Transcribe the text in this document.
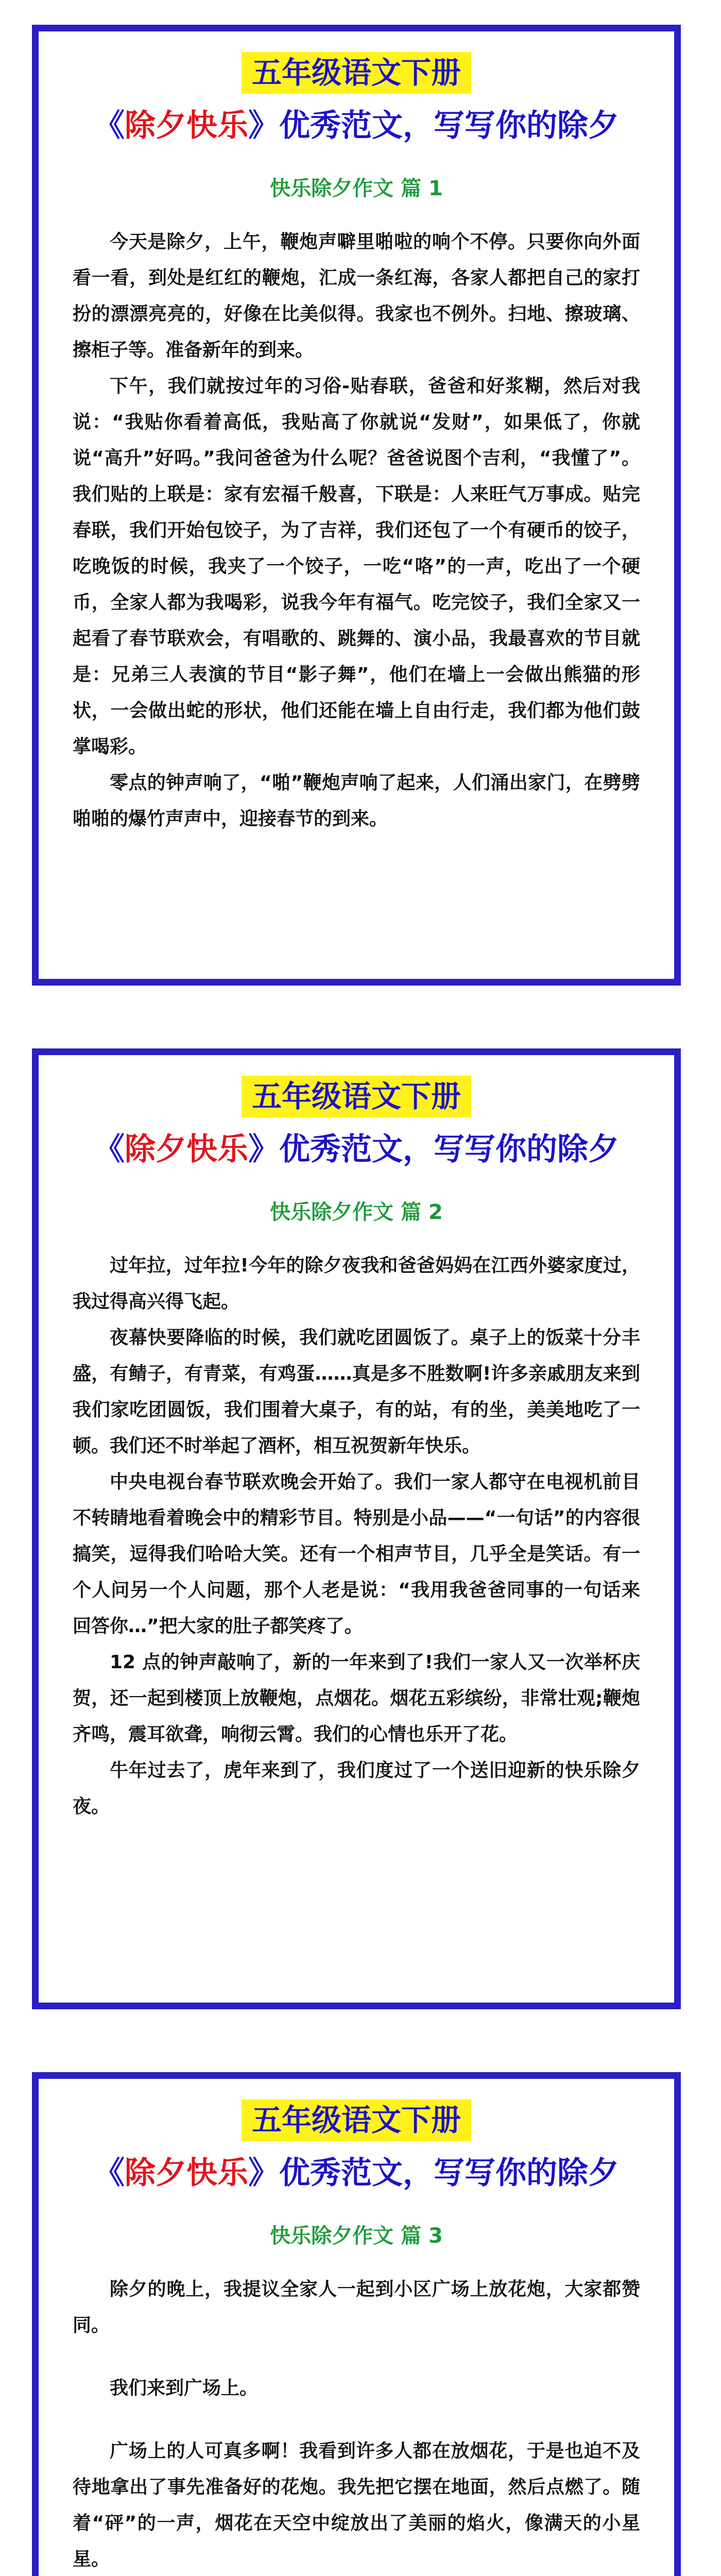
五年级语文下册
《除夕快乐》优秀范文，写写你的除夕
快乐除夕作文 篇 1

今天是除夕，上午，鞭炮声噼里啪啦的响个不停。只要你向外面看一看，到处是红红的鞭炮，汇成一条红海，各家人都把自己的家打扮的漂漂亮亮的，好像在比美似得。我家也不例外。扫地、擦玻璃、擦柜子等。准备新年的到来。

下午，我们就按过年的习俗-贴春联，爸爸和好浆糊，然后对我说：“我贴你看着高低，我贴高了你就说“发财”，如果低了，你就说“高升”好吗。”我问爸爸为什么呢？爸爸说图个吉利，“我懂了”。我们贴的上联是：家有宏福千般喜，下联是：人来旺气万事成。贴完春联，我们开始包饺子，为了吉祥，我们还包了一个有硬币的饺子，吃晚饭的时候，我夹了一个饺子，一吃“咯”的一声，吃出了一个硬币，全家人都为我喝彩，说我今年有福气。吃完饺子，我们全家又一起看了春节联欢会，有唱歌的、跳舞的、演小品，我最喜欢的节目就是：兄弟三人表演的节目“影子舞”，他们在墙上一会做出熊猫的形状，一会做出蛇的形状，他们还能在墙上自由行走，我们都为他们鼓掌喝彩。

零点的钟声响了，“啪”鞭炮声响了起来，人们涌出家门，在劈劈啪啪的爆竹声声中，迎接春节的到来。

五年级语文下册
《除夕快乐》优秀范文，写写你的除夕
快乐除夕作文 篇 2

过年拉，过年拉!今年的除夕夜我和爸爸妈妈在江西外婆家度过，我过得高兴得飞起。

夜幕快要降临的时候，我们就吃团圆饭了。桌子上的饭菜十分丰盛，有鲭子，有青菜，有鸡蛋……真是多不胜数啊!许多亲戚朋友来到我们家吃团圆饭，我们围着大桌子，有的站，有的坐，美美地吃了一顿。我们还不时举起了酒杯，相互祝贺新年快乐。

中央电视台春节联欢晚会开始了。我们一家人都守在电视机前目不转睛地看着晚会中的精彩节目。特别是小品——“一句话”的内容很搞笑，逗得我们哈哈大笑。还有一个相声节目，几乎全是笑话。有一个人问另一个人问题，那个人老是说：“我用我爸爸同事的一句话来回答你…”把大家的肚子都笑疼了。

12 点的钟声敲响了，新的一年来到了!我们一家人又一次举杯庆贺，还一起到楼顶上放鞭炮，点烟花。烟花五彩缤纷，非常壮观;鞭炮齐鸣，震耳欲聋，响彻云霄。我们的心情也乐开了花。

牛年过去了，虎年来到了，我们度过了一个送旧迎新的快乐除夕夜。

五年级语文下册
《除夕快乐》优秀范文，写写你的除夕
快乐除夕作文 篇 3

除夕的晚上，我提议全家人一起到小区广场上放花炮，大家都赞同。

我们来到广场上。

广场上的人可真多啊！我看到许多人都在放烟花，于是也迫不及待地拿出了事先准备好的花炮。我先把它摆在地面，然后点燃了。随着“砰”的一声，烟花在天空中绽放出了美丽的焰火，像满天的小星星。
